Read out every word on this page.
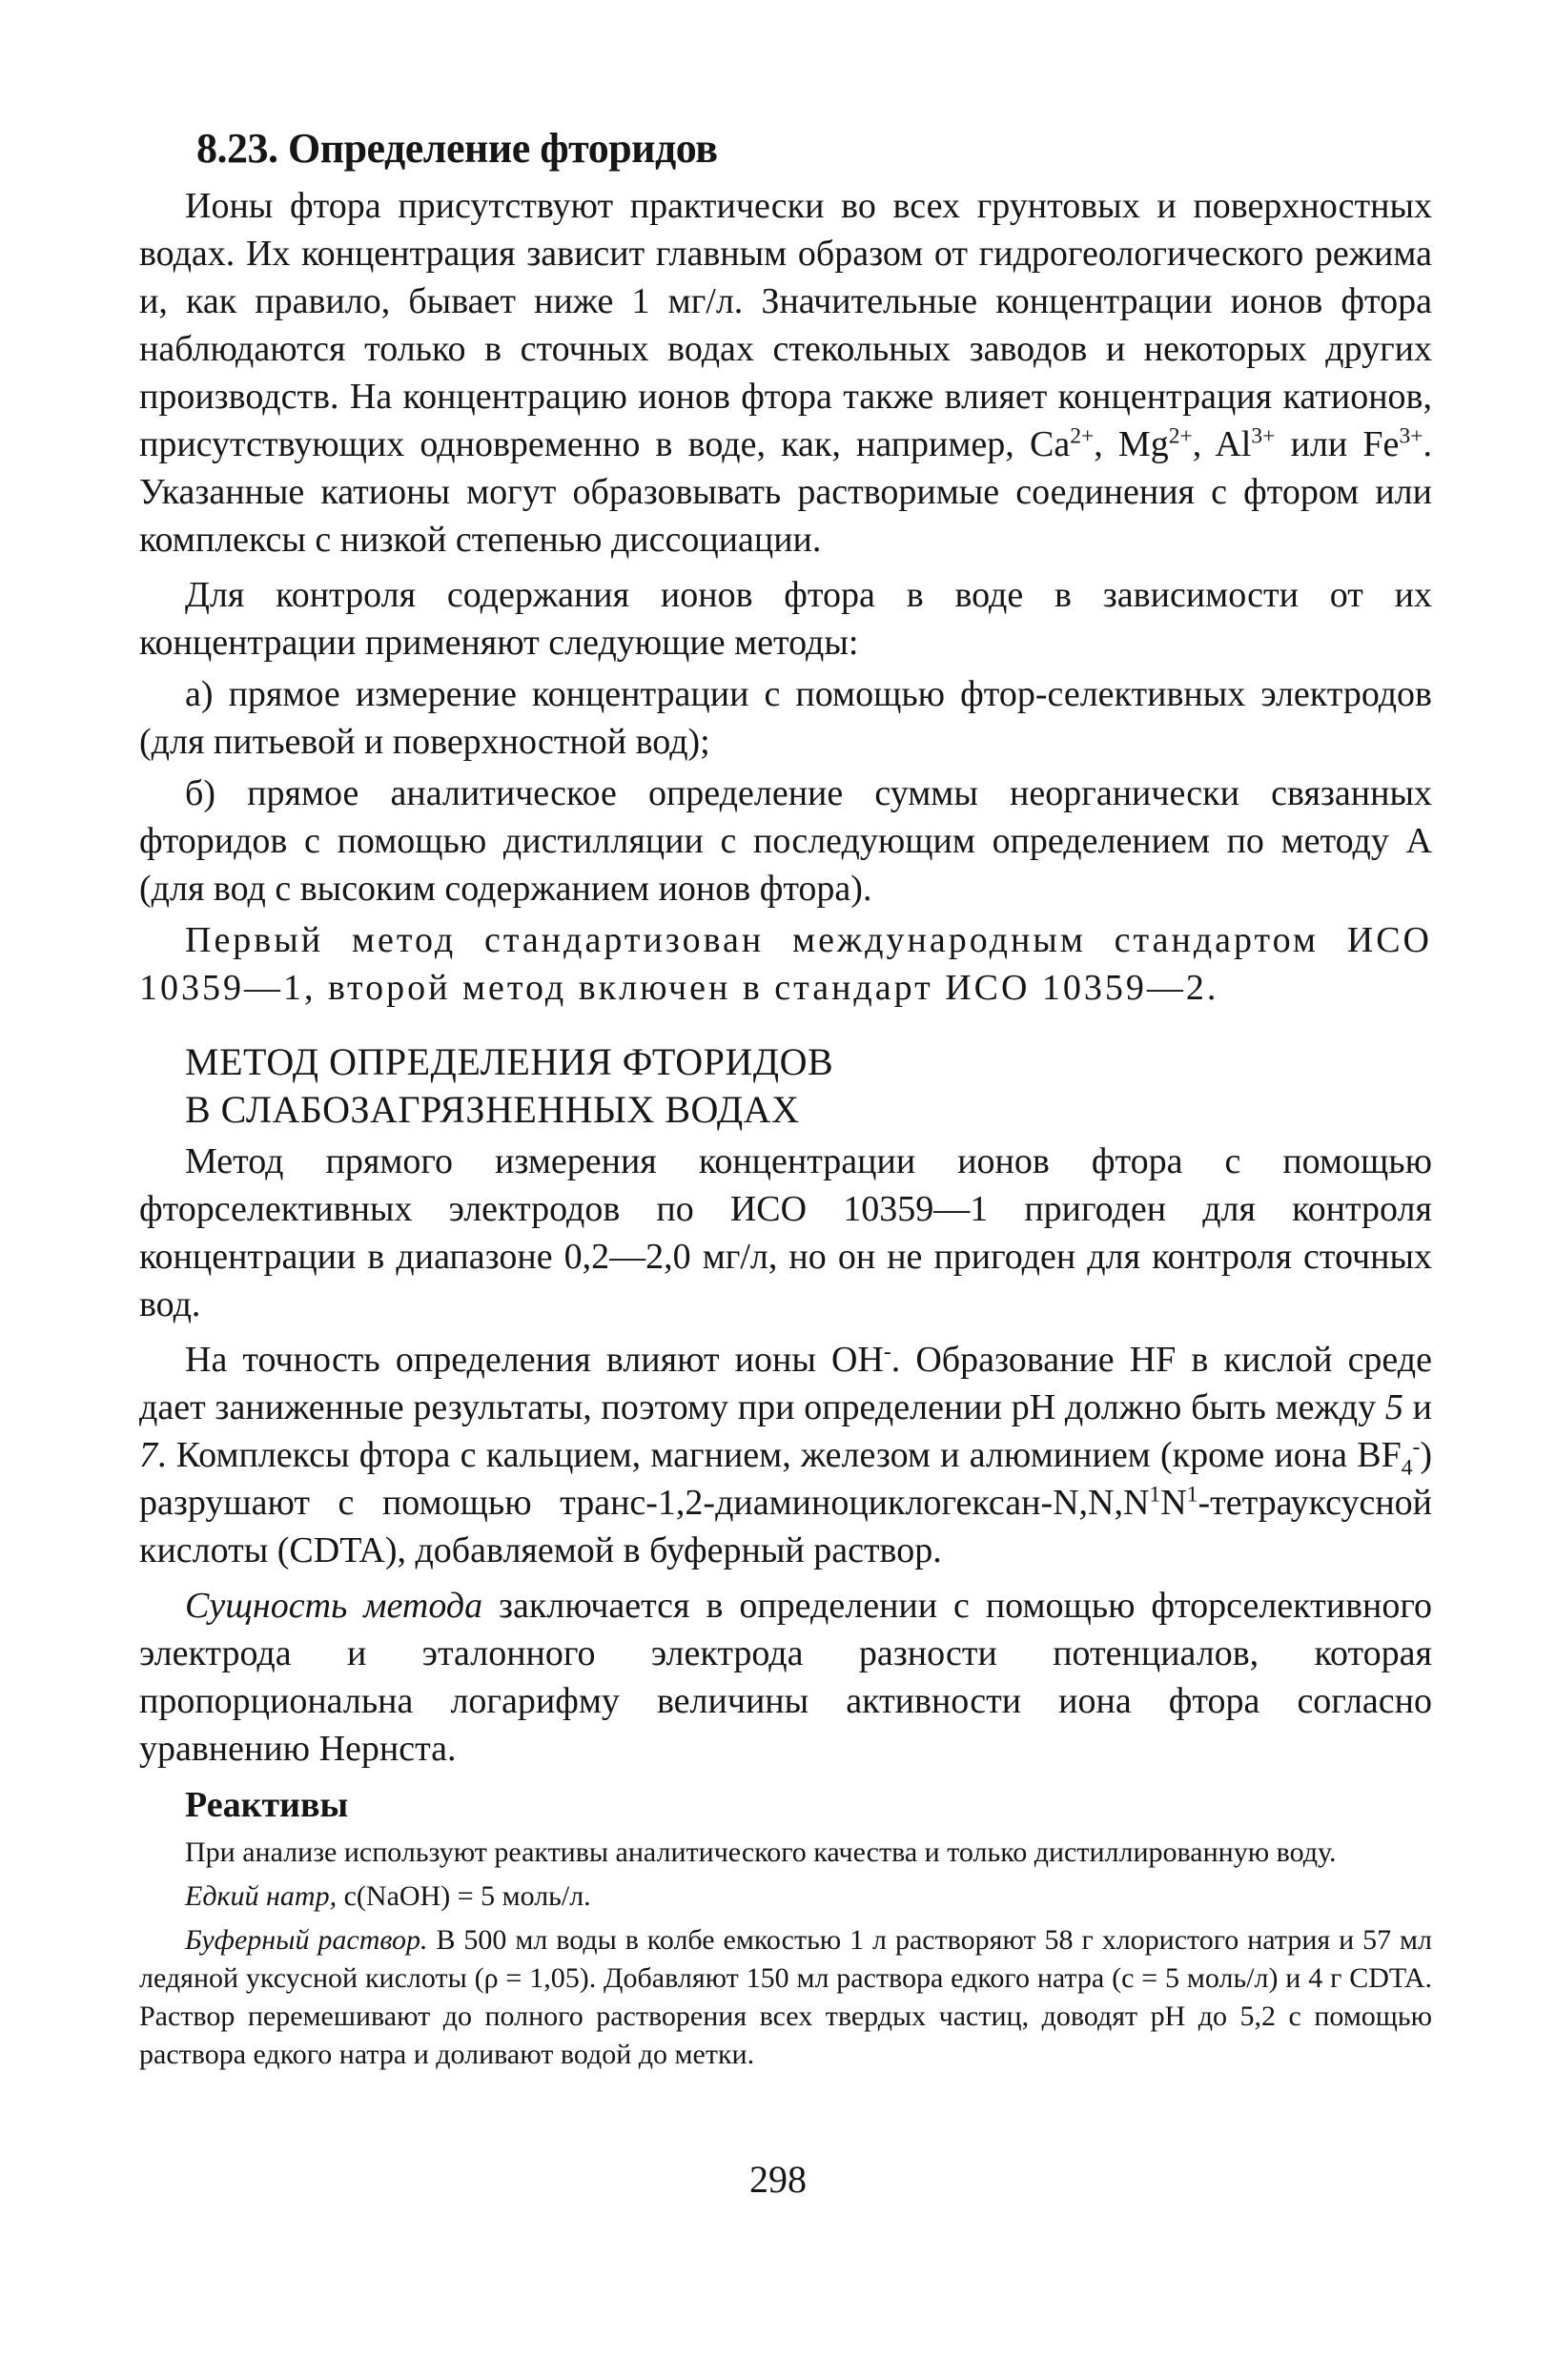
8.23. Определение фторидов

Ионы фтора присутствуют практически во всех грунтовых и поверхностных водах. Их концентрация зависит главным образом от гидрогеологического режима и, как правило, бывает ниже 1 мг/л. Значительные концентрации ионов фтора наблюдаются только в сточных водах стекольных заводов и некоторых других производств. На концентрацию ионов фтора также влияет концентрация катионов, присутствующих одновременно в воде, как, например, $Ca^{2+}$, $Mg^{2+}$, $Al^{3+}$ или $Fe^{3+}$. Указанные катионы могут образовывать растворимые соединения с фтором или комплексы с низкой степенью диссоциации.

Для контроля содержания ионов фтора в воде в зависимости от их концентрации применяют следующие методы:

а) прямое измерение концентрации с помощью фтор-селективных электродов (для питьевой и поверхностной вод);

б) прямое аналитическое определение суммы неорганически связанных фторидов с помощью дистилляции с последующим определением по методу А (для вод с высоким содержанием ионов фтора).

Первый метод стандартизован международным стандартом ИСО 10359—1, второй метод включен в стандарт ИСО 10359—2.

МЕТОД ОПРЕДЕЛЕНИЯ ФТОРИДОВ
В СЛАБОЗАГРЯЗНЕННЫХ ВОДАХ

Метод прямого измерения концентрации ионов фтора с помощью фторселективных электродов по ИСО 10359—1 пригоден для контроля концентрации в диапазоне 0,2—2,0 мг/л, но он не пригоден для контроля сточных вод.

На точность определения влияют ионы OH-. Образование HF в кислой среде дает заниженные результаты, поэтому при определении pH должно быть между 5 и 7. Комплексы фтора с кальцием, магнием, железом и алюминием (кроме иона $BF_4^-$) разрушают с помощью транс-$1,2-диаминоциклогексан-N,N,N^1N^1$-тетрауксусной кислоты (CDTA), добавляемой в буферный раствор.

Сущность метода заключается в определении с помощью фторселективного электрода и эталонного электрода разности потенциалов, которая пропорциональна логарифму величины активности иона фтора согласно уравнению Нернста.

Реактивы

При анализе используют реактивы аналитического качества и только дистиллированную воду.

Едкий натр, c(NaOH) = 5 моль/л.

Буферный раствор. В 500 мл воды в колбе емкостью 1 л растворяют 58 г хлористого натрия и 57 мл ледяной уксусной кислоты (ρ = 1,05). Добавляют 150 мл раствора едкого натра (c = 5 моль/л) и 4 г CDTA. Раствор перемешивают до полного растворения всех твердых частиц, доводят pH до 5,2 с помощью раствора едкого натра и доливают водой до метки.

298
